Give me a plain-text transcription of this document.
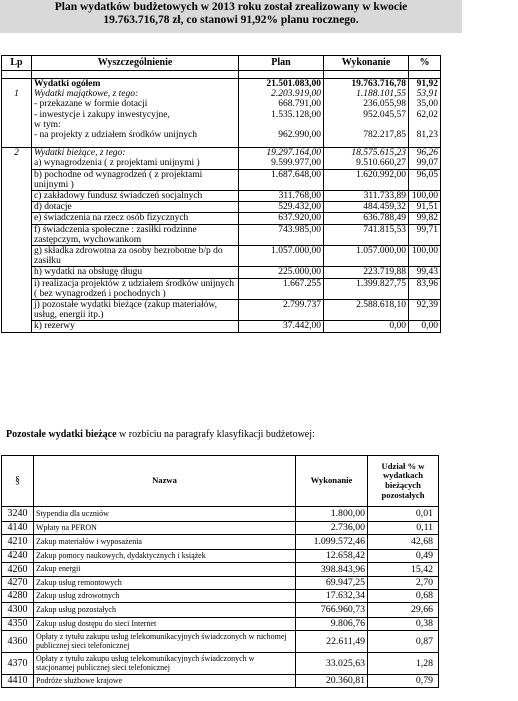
Plan wydatków budżetowych w 2013 roku został zrealizowany w kwocie
19.763.716,78 zł, co stanowi 91,92% planu rocznego.
Lp	Wyszczególnienie	Plan	Wykonanie	%

	Wydatki ogółem	21.501.083,00	19.763.716,78	91,92
1	Wydatki majątkowe, z tego:	2.203.919,00	1.188.101,55	53,91
	- przekazane w formie dotacji	668.791,00	236.055,98	35,00
	- inwestycje i zakupy inwestycyjne,	1.535.128,00	952.045,57	62,02
	w tym:			
	- na projekty z udziałem środków unijnych	962.990,00	782.217,85	81,23

2	Wydatki bieżące, z tego:	19.297.164,00	18.575.615,23	96,26
	a) wynagrodzenia ( z projektami unijnymi )	9.599.977,00	9.510.660,27	99,07
	b) pochodne od wynagrodzeń ( z projektami unijnymi )	1.687.648,00	1.620.992,00	96,05
	c) zakładowy fundusz świadczeń socjalnych	311.768,00	311.733,89	100,00
	d) dotacje	529.432,00	484.459,32	91,51
	e) świadczenia na rzecz osób fizycznych	637.920,00	636.788,49	99,82
	f) świadczenia społeczne : zasiłki rodzinne zastępczym, wychowankom	743.985,00	741.815,53	99,71
	g) składka zdrowotna za osoby bezrobotne b/p do zasiłku	1.057.000,00	1.057.000,00	100,00
	h) wydatki na obsługę długu	225.000,00	223.719,88	99,43
	i) realizacja projektów z udziałem środków unijnych ( bez wynagrodzeń i pochodnych )	1.667.255	1.399.827,75	83,96
	j) pozostałe wydatki bieżące (zakup materiałów, usług, energii itp.)	2.799.737	2.588.618,10	92,39
	k) rezerwy	37.442,00	0,00	0,00
Pozostałe wydatki bieżące w rozbiciu na paragrafy klasyfikacji budżetowej:
§	Nazwa	Wykonanie	Udział % w wydatkach bieżących pozostałych
3240	Stypendia dla uczniów	1.800,00	0,01
4140	Wpłaty na PFRON	2.736,00	0,11
4210	Zakup materiałów i wyposażenia	1.099.572,46	42,68
4240	Zakup pomocy naukowych, dydaktycznych i książek	12.658,42	0,49
4260	Zakup energii	398.843,96	15,42
4270	Zakup usług remontowych	69.947,25	2,70
4280	Zakup usług zdrowotnych	17.632,34	0,68
4300	Zakup usług pozostałych	766.960,73	29,66
4350	Zakup usług dostępu do sieci Internet	9.806,76	0,38
4360	Opłaty z tytułu zakupu usług telekomunikacyjnych świadczonych w ruchomej publicznej sieci telefonicznej	22.611,49	0,87
4370	Opłaty z tytułu zakupu usług telekomunikacyjnych świadczonych w stacjonarnej publicznej sieci telefonicznej	33.025,63	1,28
4410	Podróże służbowe krajowe	20.360,81	0,79
